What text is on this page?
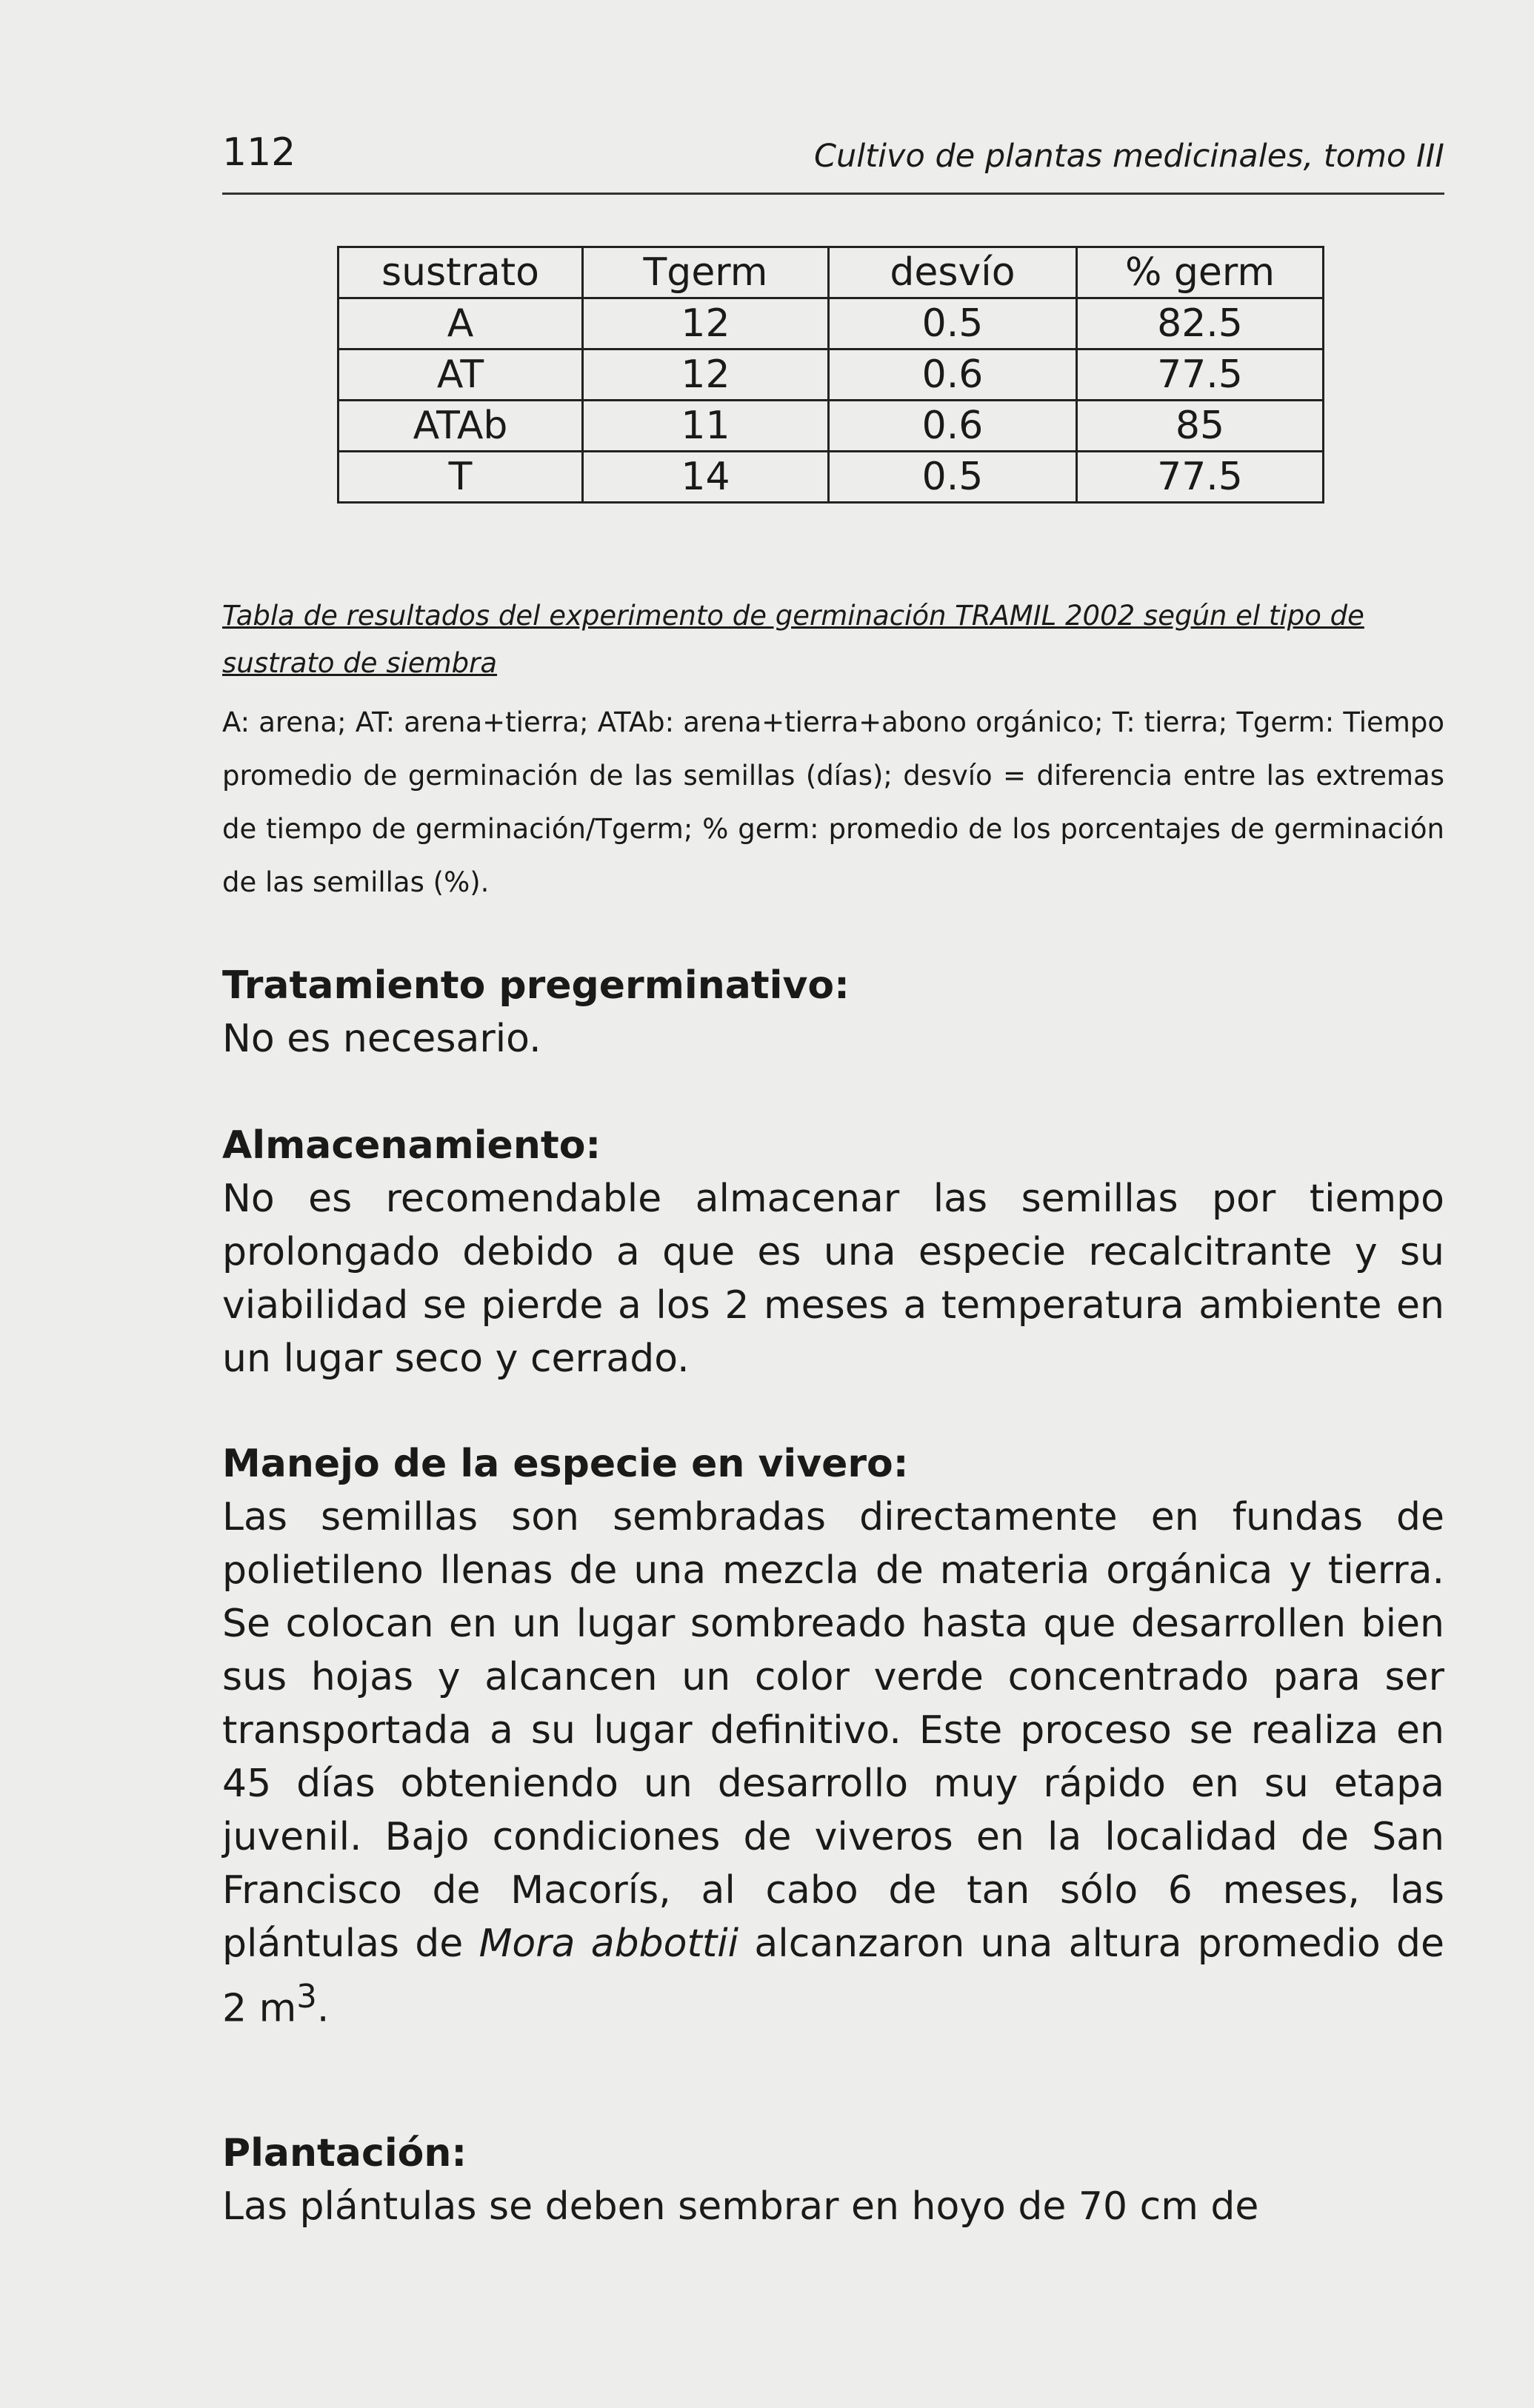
112	Cultivo de plantas medicinales, tomo III
sustrato	Tgerm	desvío	% germ
A	12	0.5	82.5
AT	12	0.6	77.5
ATAb	11	0.6	85
T	14	0.5	77.5
Tabla de resultados del experimento de germinación TRAMIL 2002 según el tipo de sustrato de siembra

A: arena; AT: arena+tierra; ATAb: arena+tierra+abono orgánico; T: tierra; Tgerm: Tiempo promedio de germinación de las semillas (días); desvío = diferencia entre las extremas de tiempo de germinación/Tgerm; % germ: promedio de los porcentajes de germinación de las semillas (%).

Tratamiento pregerminativo:

No es necesario.

Almacenamiento:

No es recomendable almacenar las semillas por tiempo prolongado debido a que es una especie recalcitrante y su viabilidad se pierde a los 2 meses a temperatura ambiente en un lugar seco y cerrado.

Manejo de la especie en vivero:

Las semillas son sembradas directamente en fundas de polietileno llenas de una mezcla de materia orgánica y tierra. Se colocan en un lugar sombreado hasta que desarrollen bien sus hojas y alcancen un color verde concentrado para ser transportada a su lugar definitivo. Este proceso se realiza en 45 días obteniendo un desarrollo muy rápido en su etapa juvenil. Bajo condiciones de viveros en la localidad de San Francisco de Macorís, al cabo de tan sólo 6 meses, las plántulas de Mora abbottii alcanzaron una altura promedio de 2 $m^3$.

Plantación:

Las plántulas se deben sembrar en hoyo de 70 cm de
